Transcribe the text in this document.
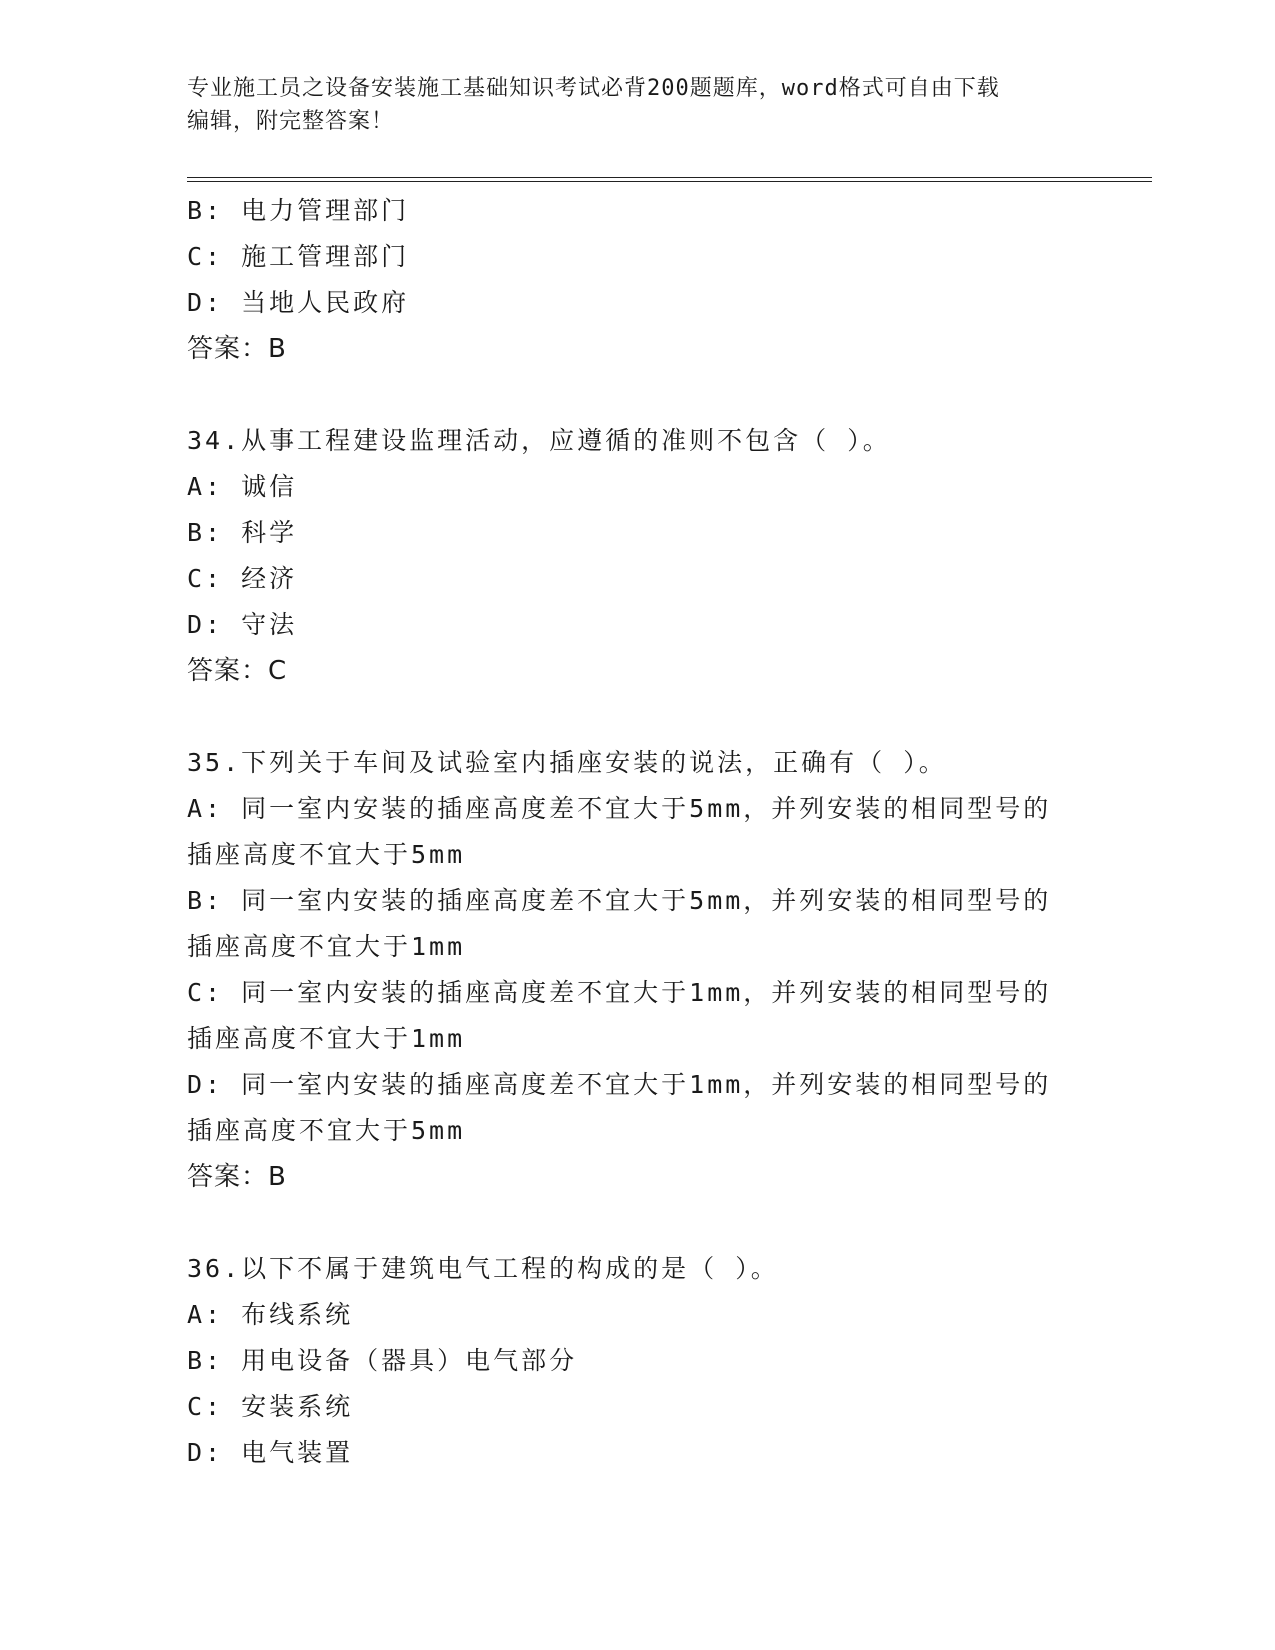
专业施工员之设备安装施工基础知识考试必背200题题库，word格式可自由下载
编辑，附完整答案！
B: 电力管理部门
C: 施工管理部门
D: 当地人民政府
答案：B
34.从事工程建设监理活动，应遵循的准则不包含（ ）。
A: 诚信
B: 科学
C: 经济
D: 守法
答案：C
35.下列关于车间及试验室内插座安装的说法，正确有（ ）。
A: 同一室内安装的插座高度差不宜大于5mm，并列安装的相同型号的
插座高度不宜大于5mm
B: 同一室内安装的插座高度差不宜大于5mm，并列安装的相同型号的
插座高度不宜大于1mm
C: 同一室内安装的插座高度差不宜大于1mm，并列安装的相同型号的
插座高度不宜大于1mm
D: 同一室内安装的插座高度差不宜大于1mm，并列安装的相同型号的
插座高度不宜大于5mm
答案：B
36.以下不属于建筑电气工程的构成的是（ ）。
A: 布线系统
B: 用电设备（器具）电气部分
C: 安装系统
D: 电气装置
